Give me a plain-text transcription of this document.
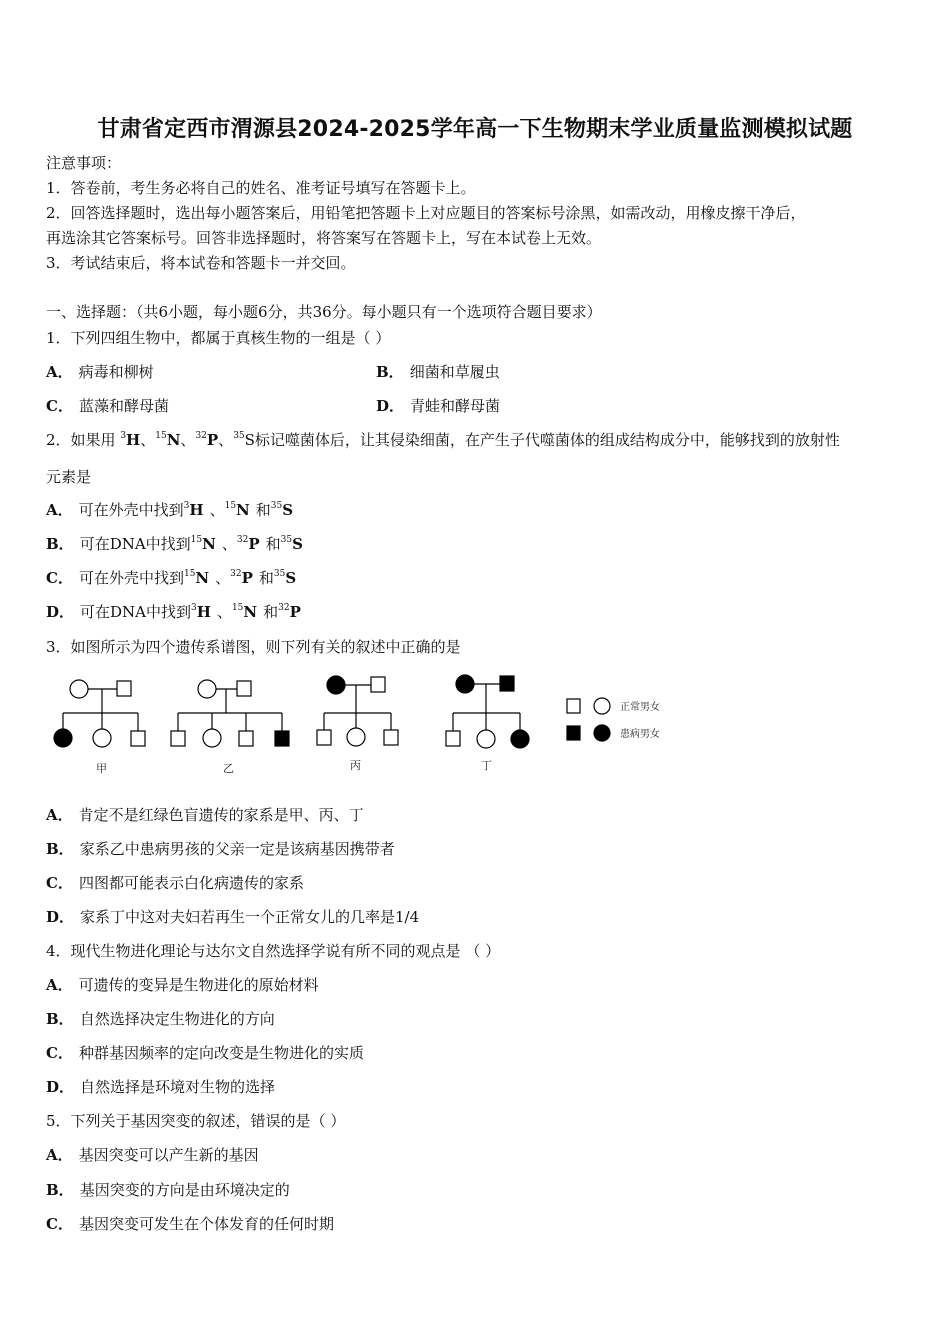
甘肃省定西市渭源县2024-2025学年高一下生物期末学业质量监测模拟试题
注意事项：
1．答卷前，考生务必将自己的姓名、准考证号填写在答题卡上。
2．回答选择题时，选出每小题答案后，用铅笔把答题卡上对应题目的答案标号涂黑，如需改动，用橡皮擦干净后，
再选涂其它答案标号。回答非选择题时，将答案写在答题卡上，写在本试卷上无效。
3．考试结束后，将本试卷和答题卡一并交回。
一、选择题：（共6小题，每小题6分，共36分。每小题只有一个选项符合题目要求）
1．下列四组生物中，都属于真核生物的一组是（ ）
A． 病毒和柳树	B． 细菌和草履虫
C． 蓝藻和酵母菌	D． 青蛙和酵母菌
2．如果用 $^3$H、$^{15}$N、$^{32}$P、$^{35}$S标记噬菌体后，让其侵染细菌，在产生子代噬菌体的组成结构成分中，能够找到的放射性
元素是
A． 可在外壳中找到$^3$H 、$^{15}$N 和$^{35}$S
B． 可在DNA中找到$^{15}$N 、$^{32}$P 和$^{35}$S
C． 可在外壳中找到$^{15}$N 、$^{32}$P 和$^{35}$S
D． 可在DNA中找到$^3$H 、$^{15}$N 和$^{32}$P
3．如图所示为四个遗传系谱图，则下列有关的叙述中正确的是
甲	乙	丙	丁
正常男女
患病男女
A． 肯定不是红绿色盲遗传的家系是甲、丙、丁
B． 家系乙中患病男孩的父亲一定是该病基因携带者
C． 四图都可能表示白化病遗传的家系
D． 家系丁中这对夫妇若再生一个正常女儿的几率是1/4
4．现代生物进化理论与达尔文自然选择学说有所不同的观点是 （ ）
A． 可遗传的变异是生物进化的原始材料
B． 自然选择决定生物进化的方向
C． 种群基因频率的定向改变是生物进化的实质
D． 自然选择是环境对生物的选择
5．下列关于基因突变的叙述，错误的是（ ）
A． 基因突变可以产生新的基因
B． 基因突变的方向是由环境决定的
C． 基因突变可发生在个体发育的任何时期
